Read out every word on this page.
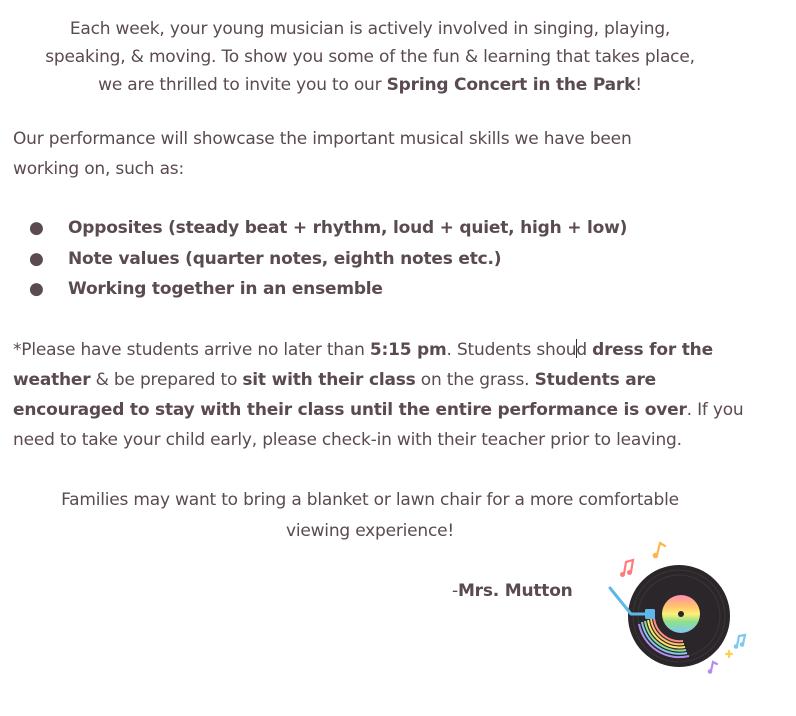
Each week, your young musician is actively involved in singing, playing,
speaking, & moving. To show you some of the fun & learning that takes place,
we are thrilled to invite you to our Spring Concert in the Park!

Our performance will showcase the important musical skills we have been
working on, such as:

● Opposites (steady beat + rhythm, loud + quiet, high + low)
● Note values (quarter notes, eighth notes etc.)
● Working together in an ensemble

*Please have students arrive no later than 5:15 pm. Students shoud dress for the weather & be prepared to sit with their class on the grass. Students are encouraged to stay with their class until the entire performance is over. If you need to take your child early, please check-in with their teacher prior to leaving.

Families may want to bring a blanket or lawn chair for a more comfortable
viewing experience!

-Mrs. Mutton
